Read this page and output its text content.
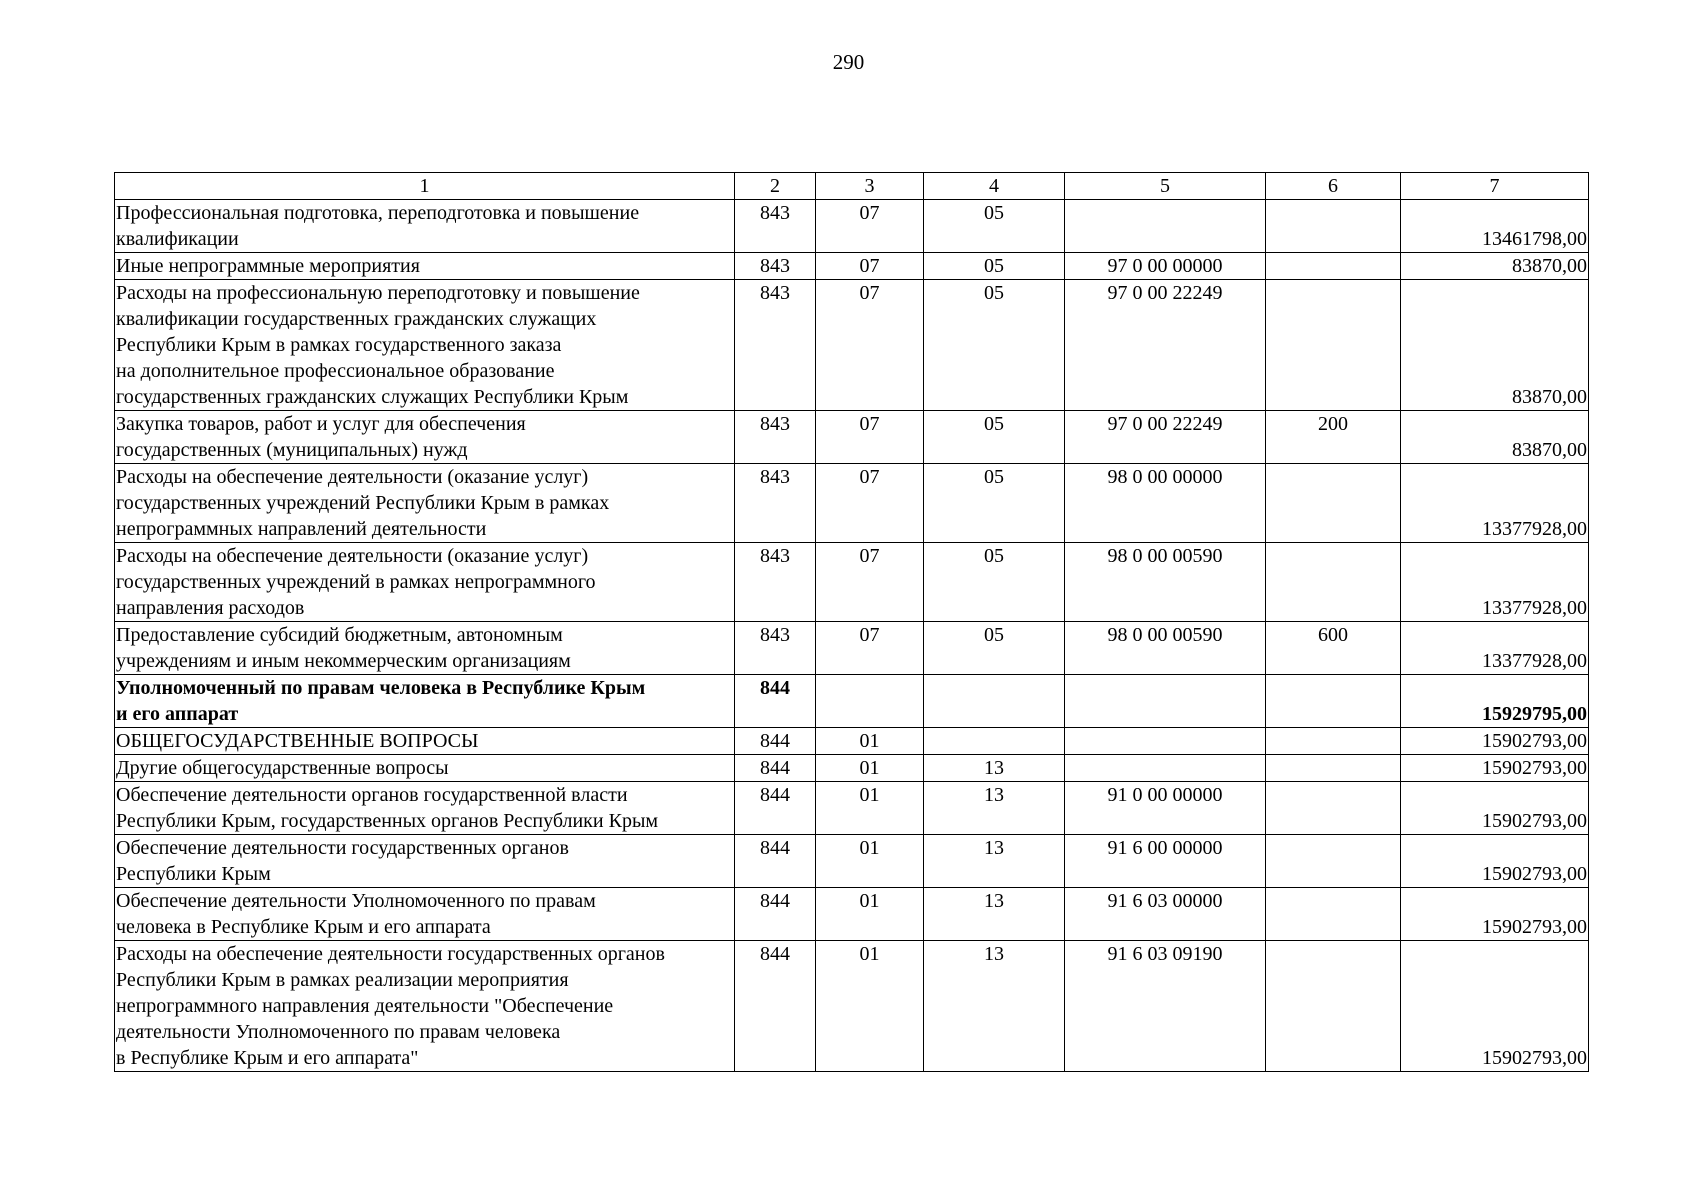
290
1	2	3	4	5	6	7

Профессиональная подготовка, переподготовка и повышение
квалификации	843	07	05			13461798,00

Иные непрограммные мероприятия	843	07	05	97 0 00 00000		83870,00

Расходы на профессиональную переподготовку и повышение
квалификации государственных гражданских служащих
Республики Крым в рамках государственного заказа
на дополнительное профессиональное образование
государственных гражданских служащих Республики Крым	843	07	05	97 0 00 22249		83870,00

Закупка товаров, работ и услуг для обеспечения
государственных (муниципальных) нужд	843	07	05	97 0 00 22249	200	83870,00

Расходы на обеспечение деятельности (оказание услуг)
государственных учреждений Республики Крым в рамках
непрограммных направлений деятельности	843	07	05	98 0 00 00000		13377928,00

Расходы на обеспечение деятельности (оказание услуг)
государственных учреждений в рамках непрограммного
направления расходов	843	07	05	98 0 00 00590		13377928,00

Предоставление субсидий бюджетным, автономным
учреждениям и иным некоммерческим организациям	843	07	05	98 0 00 00590	600	13377928,00

Уполномоченный по правам человека в Республике Крым
и его аппарат	844					15929795,00

ОБЩЕГОСУДАРСТВЕННЫЕ ВОПРОСЫ	844	01				15902793,00

Другие общегосударственные вопросы	844	01	13			15902793,00

Обеспечение деятельности органов государственной власти
Республики Крым, государственных органов Республики Крым	844	01	13	91 0 00 00000		15902793,00

Обеспечение деятельности государственных органов
Республики Крым	844	01	13	91 6 00 00000		15902793,00

Обеспечение деятельности Уполномоченного по правам
человека в Республике Крым и его аппарата	844	01	13	91 6 03 00000		15902793,00

Расходы на обеспечение деятельности государственных органов
Республики Крым в рамках реализации мероприятия
непрограммного направления деятельности "Обеспечение
деятельности Уполномоченного по правам человека
в Республике Крым и его аппарата"	844	01	13	91 6 03 09190		15902793,00
